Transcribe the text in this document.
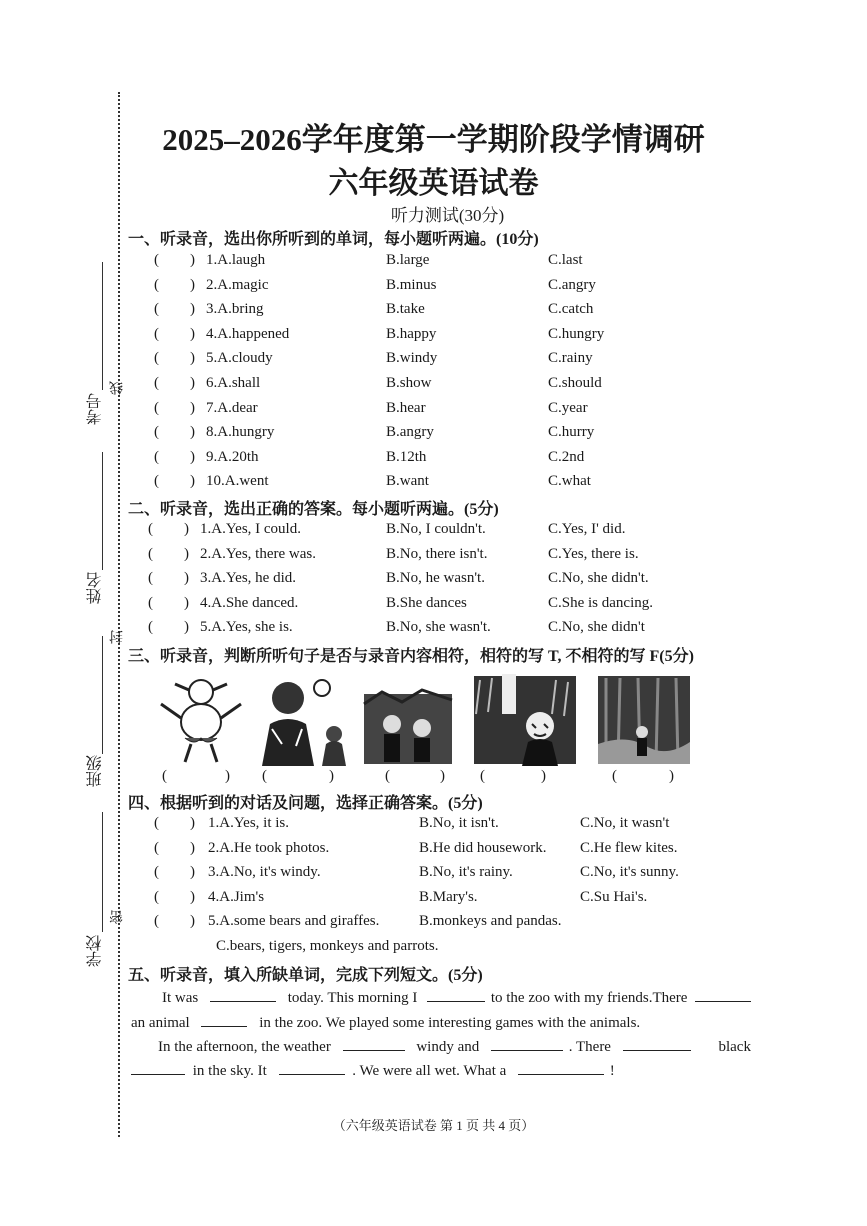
考号
线
姓名
封
班级
密
学校
2025–2026学年度第一学期阶段学情调研
六年级英语试卷
听力测试(30分)
一、听录音，选出你所听到的单词，每小题听两遍。(10分)
( ) 1.A.laugh	B.large	C.last
( ) 2.A.magic	B.minus	C.angry
( ) 3.A.bring	B.take	C.catch
( ) 4.A.happened	B.happy	C.hungry
( ) 5.A.cloudy	B.windy	C.rainy
( ) 6.A.shall	B.show	C.should
( ) 7.A.dear	B.hear	C.year
( ) 8.A.hungry	B.angry	C.hurry
( ) 9.A.20th	B.12th	C.2nd
( ) 10.A.went	B.want	C.what
二、听录音，选出正确的答案。每小题听两遍。(5分)
( ) 1.A.Yes, I could.	B.No, I couldn't.	C.Yes, I' did.
( ) 2.A.Yes, there was.	B.No, there isn't.	C.Yes, there is.
( ) 3.A.Yes, he did.	B.No, he wasn't.	C.No, she didn't.
( ) 4.A.She danced.	B.She dances	C.She is dancing.
( ) 5.A.Yes, she is.	B.No, she wasn't.	C.No, she didn't
三、听录音，判断所听句子是否与录音内容相符，相符的写 T, 不相符的写 F(5分)
(	) (	)	(	) (	)	(	)
四、根据听到的对话及问题，选择正确答案。(5分)
( ) 1.A.Yes, it is.	B.No, it isn't.	C.No, it wasn't
( ) 2.A.He took photos.	B.He did housework. C.He flew kites.
( ) 3.A.No, it's windy.	B.No, it's rainy.	C.No, it's sunny.
( ) 4.A.Jim's	B.Mary's.	C.Su Hai's.
( ) 5.A.some bears and giraffes.	B.monkeys and pandas.
C.bears, tigers, monkeys and parrots.
五、听录音，填入所缺单词，完成下列短文。(5分)
It was	today. This morning I	to the zoo with my friends.There
an animal	in the zoo. We played some interesting games with the animals.
In the afternoon, the weather	windy and	. There	black
in the sky. It	. We were all wet. What a	!
（六年级英语试卷 第 1 页 共 4 页）
